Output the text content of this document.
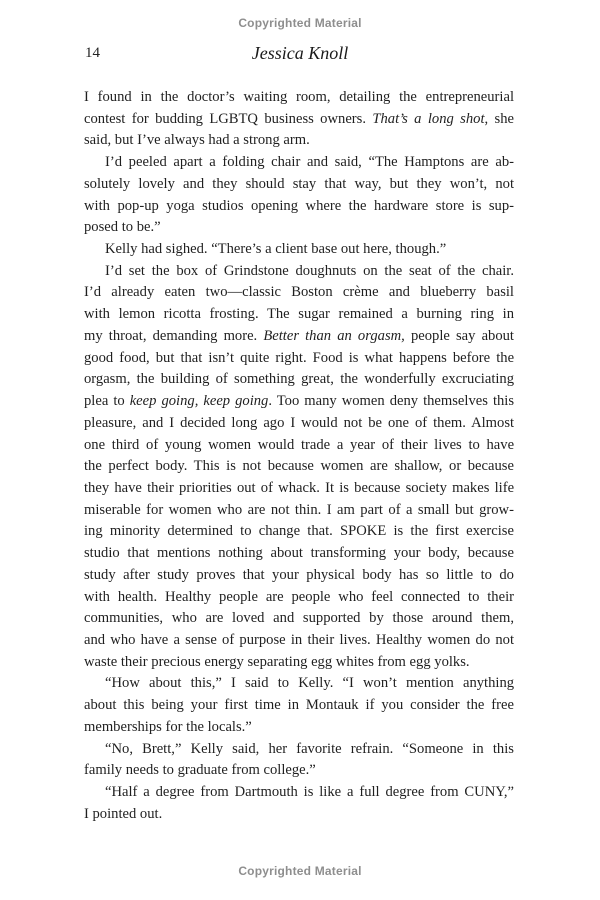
Copyrighted Material
14	Jessica Knoll
I found in the doctor’s waiting room, detailing the entrepreneurial
contest for budding LGBTQ business owners. That’s a long shot, she
said, but I’ve always had a strong arm.
I’d peeled apart a folding chair and said, “The Hamptons are ab-
solutely lovely and they should stay that way, but they won’t, not
with pop-up yoga studios opening where the hardware store is sup-
posed to be.”
Kelly had sighed. “There’s a client base out here, though.”
I’d set the box of Grindstone doughnuts on the seat of the chair.
I’d already eaten two—classic Boston crème and blueberry basil
with lemon ricotta frosting. The sugar remained a burning ring in
my throat, demanding more. Better than an orgasm, people say about
good food, but that isn’t quite right. Food is what happens before the
orgasm, the building of something great, the wonderfully excruciating
plea to keep going, keep going. Too many women deny themselves this
pleasure, and I decided long ago I would not be one of them. Almost
one third of young women would trade a year of their lives to have
the perfect body. This is not because women are shallow, or because
they have their priorities out of whack. It is because society makes life
miserable for women who are not thin. I am part of a small but grow-
ing minority determined to change that. SPOKE is the first exercise
studio that mentions nothing about transforming your body, because
study after study proves that your physical body has so little to do
with health. Healthy people are people who feel connected to their
communities, who are loved and supported by those around them,
and who have a sense of purpose in their lives. Healthy women do not
waste their precious energy separating egg whites from egg yolks.
“How about this,” I said to Kelly. “I won’t mention anything
about this being your first time in Montauk if you consider the free
memberships for the locals.”
“No, Brett,” Kelly said, her favorite refrain. “Someone in this
family needs to graduate from college.”
“Half a degree from Dartmouth is like a full degree from CUNY,”
I pointed out.
Copyrighted Material
